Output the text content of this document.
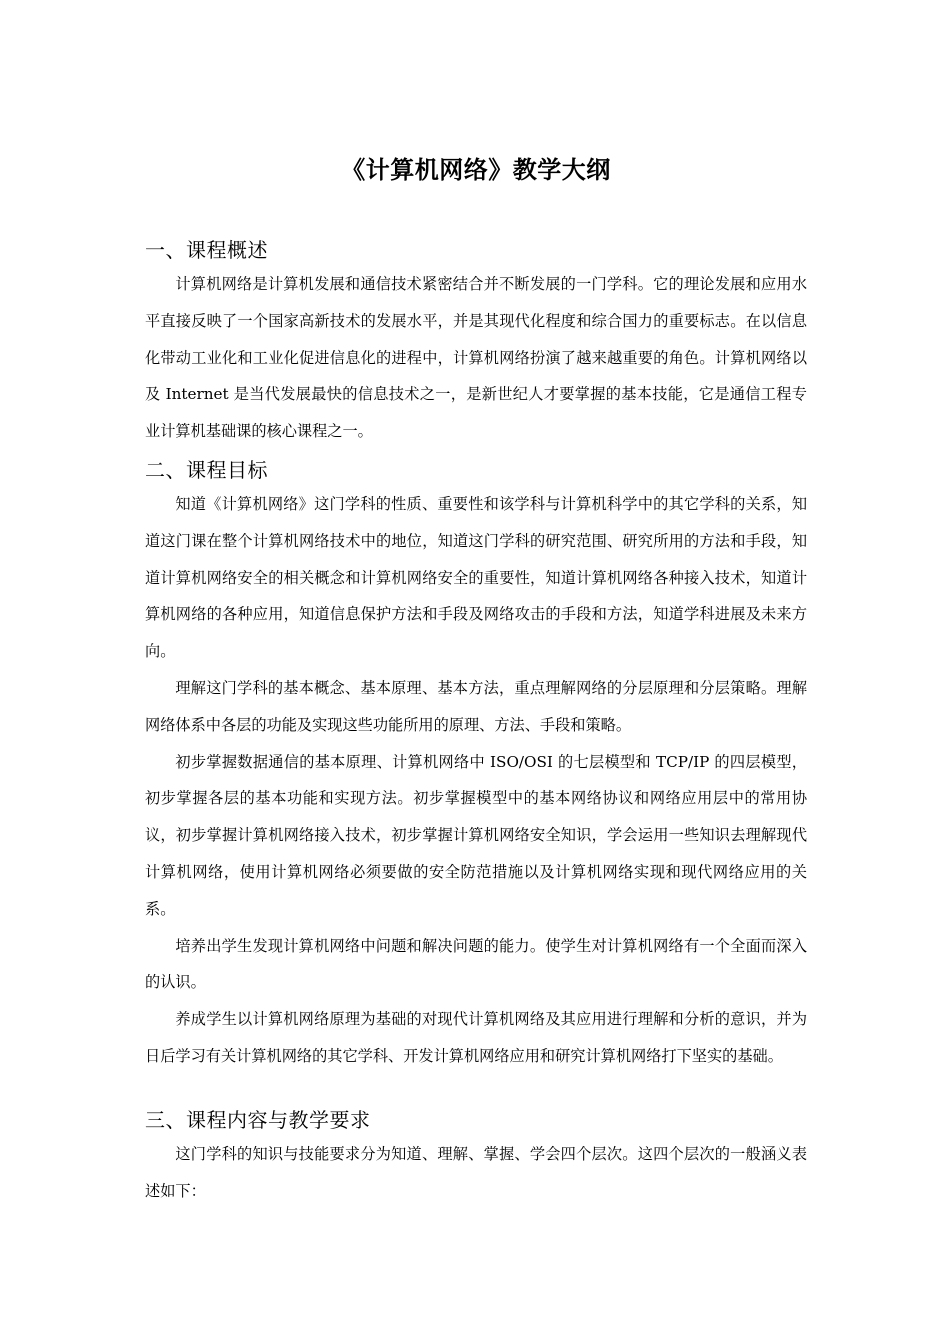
《计算机网络》教学大纲
一、课程概述

计算机网络是计算机发展和通信技术紧密结合并不断发展的一门学科。它的理论发展和应用水平直接反映了一个国家高新技术的发展水平，并是其现代化程度和综合国力的重要标志。在以信息化带动工业化和工业化促进信息化的进程中，计算机网络扮演了越来越重要的角色。计算机网络以及 Internet 是当代发展最快的信息技术之一，是新世纪人才要掌握的基本技能，它是通信工程专业计算机基础课的核心课程之一。

二、课程目标

知道《计算机网络》这门学科的性质、重要性和该学科与计算机科学中的其它学科的关系，知道这门课在整个计算机网络技术中的地位，知道这门学科的研究范围、研究所用的方法和手段，知道计算机网络安全的相关概念和计算机网络安全的重要性，知道计算机网络各种接入技术，知道计算机网络的各种应用，知道信息保护方法和手段及网络攻击的手段和方法，知道学科进展及未来方向。

理解这门学科的基本概念、基本原理、基本方法，重点理解网络的分层原理和分层策略。理解网络体系中各层的功能及实现这些功能所用的原理、方法、手段和策略。

初步掌握数据通信的基本原理、计算机网络中 ISO/OSI 的七层模型和 TCP/IP 的四层模型，初步掌握各层的基本功能和实现方法。初步掌握模型中的基本网络协议和网络应用层中的常用协议，初步掌握计算机网络接入技术，初步掌握计算机网络安全知识，学会运用一些知识去理解现代计算机网络，使用计算机网络必须要做的安全防范措施以及计算机网络实现和现代网络应用的关系。

培养出学生发现计算机网络中问题和解决问题的能力。使学生对计算机网络有一个全面而深入的认识。

养成学生以计算机网络原理为基础的对现代计算机网络及其应用进行理解和分析的意识，并为日后学习有关计算机网络的其它学科、开发计算机网络应用和研究计算机网络打下坚实的基础。

三、课程内容与教学要求

这门学科的知识与技能要求分为知道、理解、掌握、学会四个层次。这四个层次的一般涵义表述如下：
